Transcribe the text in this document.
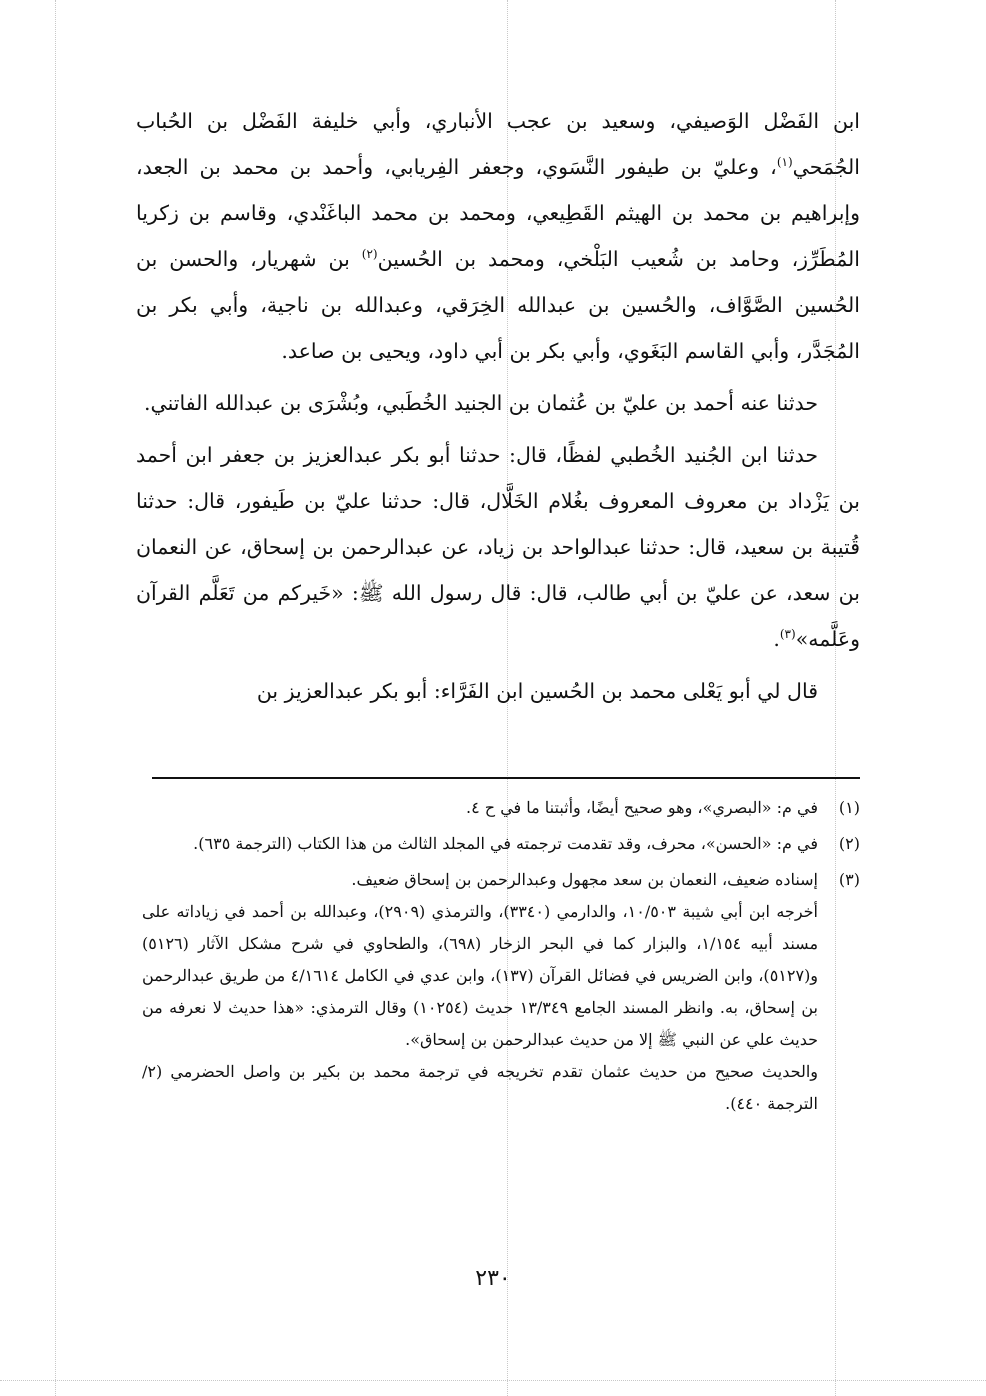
ابن الفَضْل الوَصيفي، وسعيد بن عجب الأنباري، وأبي خليفة الفَضْل بن الحُباب الجُمَحي$^{(١)}$، وعليّ بن طيفور النَّسَوي، وجعفر الفِريابي، وأحمد بن محمد بن الجعد، وإبراهيم بن محمد بن الهيثم القَطِيعي، ومحمد بن محمد الباغَنْدي، وقاسم بن زكريا المُطَرِّز، وحامد بن شُعيب البَلْخي، ومحمد بن الحُسين$^{(٢)}$ بن شهريار، والحسن بن الحُسين الصَّوَّاف، والحُسين بن عبدالله الخِرَقي، وعبدالله بن ناجية، وأبي بكر بن المُجَدَّر، وأبي القاسم البَغَوي، وأبي بكر بن أبي داود، ويحيى بن صاعد.

حدثنا عنه أحمد بن عليّ بن عُثمان بن الجنيد الخُطَبي، وبُشْرَى بن عبدالله الفاتني.

حدثنا ابن الجُنيد الخُطبي لفظًا، قال: حدثنا أبو بكر عبدالعزيز بن جعفر ابن أحمد بن يَزْداد بن معروف المعروف بغُلام الخَلَّال، قال: حدثنا عليّ بن طَيفور، قال: حدثنا قُتيبة بن سعيد، قال: حدثنا عبدالواحد بن زياد، عن عبدالرحمن بن إسحاق، عن النعمان بن سعد، عن عليّ بن أبي طالب، قال: قال رسول الله ﷺ: «خَيركم من تَعَلَّم القرآن وعَلَّمه»$^{(٣)}$.

قال لي أبو يَعْلى محمد بن الحُسين ابن الفَرَّاء: أبو بكر عبدالعزيز بن

(١)

في م: «البصري»، وهو صحيح أيضًا، وأثبتنا ما في ح ٤.

(٢)

في م: «الحسن»، محرف، وقد تقدمت ترجمته في المجلد الثالث من هذا الكتاب (الترجمة ٦٣٥).

(٣)

إسناده ضعيف، النعمان بن سعد مجهول وعبدالرحمن بن إسحاق ضعيف.

أخرجه ابن أبي شيبة ١٠/٥٠٣، والدارمي (٣٣٤٠)، والترمذي (٢٩٠٩)، وعبدالله بن أحمد في زياداته على مسند أبيه ١/١٥٤، والبزار كما في البحر الزخار (٦٩٨)، والطحاوي في شرح مشكل الآثار (٥١٢٦) و(٥١٢٧)، وابن الضريس في فضائل القرآن (١٣٧)، وابن عدي في الكامل ٤/١٦١٤ من طريق عبدالرحمن بن إسحاق، به. وانظر المسند الجامع ١٣/٣٤٩ حديث (١٠٢٥٤) وقال الترمذي: «هذا حديث لا نعرفه من حديث علي عن النبي ﷺ إلا من حديث عبدالرحمن بن إسحاق».

والحديث صحيح من حديث عثمان تقدم تخريجه في ترجمة محمد بن بكير بن واصل الحضرمي (٢/الترجمة ٤٤٠).

٢٣٠
